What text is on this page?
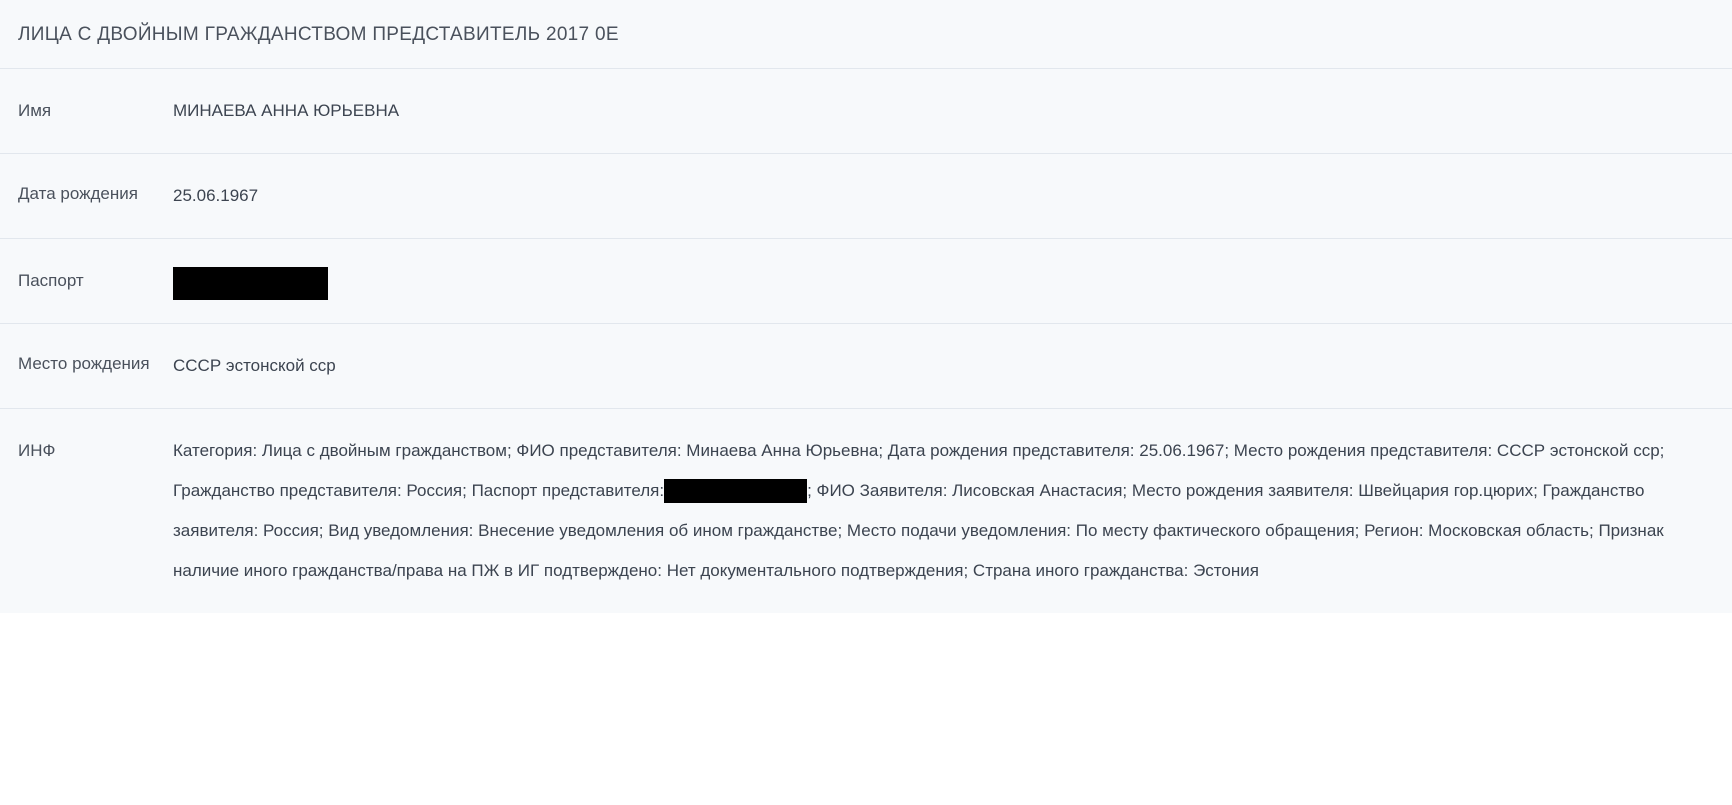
ЛИЦА С ДВОЙНЫМ ГРАЖДАНСТВОМ ПРЕДСТАВИТЕЛЬ 2017 0E
Имя	МИНАЕВА АННА ЮРЬЕВНА
Дата рождения	25.06.1967
Паспорт
Место рождения	СССР эстонской сср
ИНФ	Категория: Лица с двойным гражданством; ФИО представителя: Минаева Анна Юрьевна; Дата рождения представителя: 25.06.1967; Место рождения представителя: СССР эстонской сср; Гражданство представителя: Россия; Паспорт представителя:	; ФИО Заявителя: Лисовская Анастасия; Место рождения заявителя: Швейцария гор.цюрих; Гражданство заявителя: Россия; Вид уведомления: Внесение уведомления об ином гражданстве; Место подачи уведомления: По месту фактического обращения; Регион: Московская область; Признак наличие иного гражданства/права на ПЖ в ИГ подтверждено: Нет документального подтверждения; Страна иного гражданства: Эстония
